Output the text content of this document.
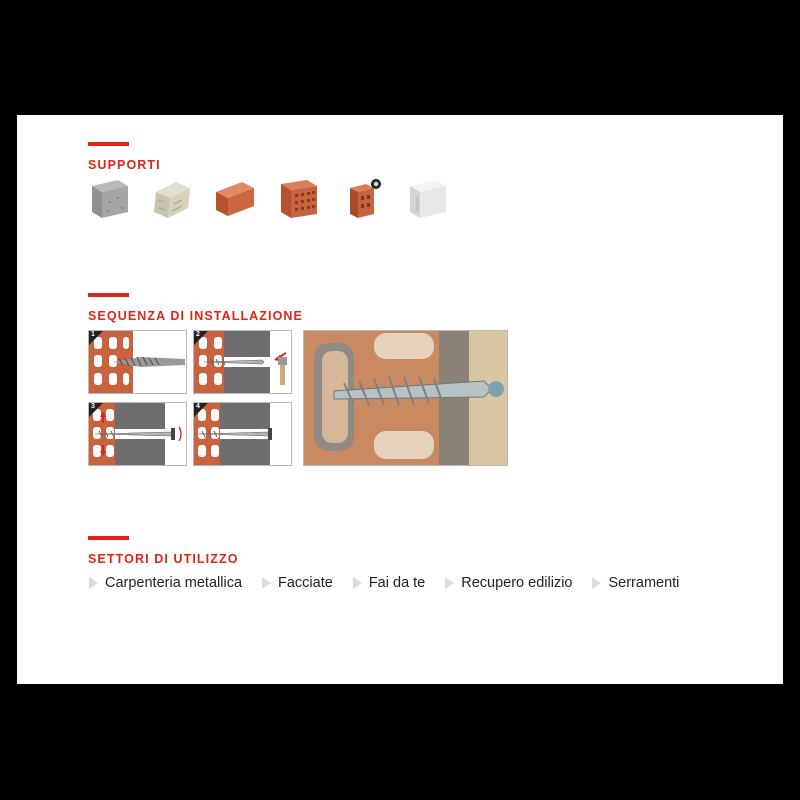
SUPPORTI
✱
SEQUENZA DI INSTALLAZIONE
1	2
3	4
SETTORI DI UTILIZZO
Carpenteria metallica Facciate Fai da te Recupero edilizio Serramenti
